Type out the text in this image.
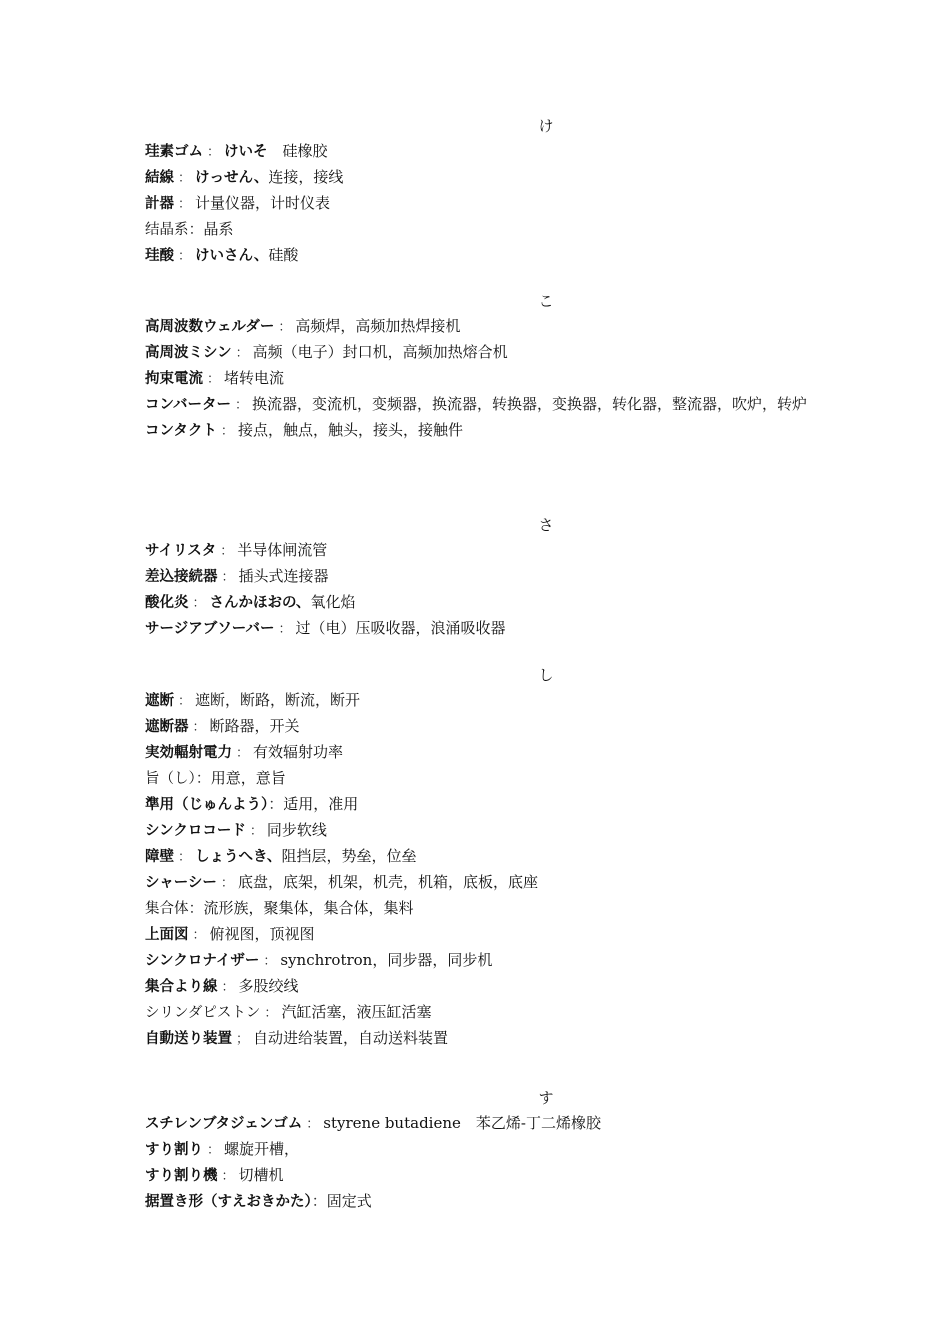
け
珪素ゴム ： けいそ　硅橡胶
結線 ： けっせん、连接，接线
計器 ： 计量仪器，计时仪表
结晶系：晶系
珪酸 ： けいさん、硅酸
こ
高周波数ウェルダー ： 高频焊，高频加热焊接机
高周波ミシン ： 高频（电子）封口机，高频加热熔合机
拘束電流 ： 堵转电流
コンバーター ： 换流器，变流机，变频器，换流器，转换器，变换器，转化器，整流器，吹炉，转炉
コンタクト ： 接点，触点，触头，接头，接触件
さ
サイリスタ ： 半导体闸流管
差込接続器 ： 插头式连接器
酸化炎 ： さんかほおの、氧化焰
サージアブソーバー ： 过（电）压吸收器，浪涌吸收器
し
遮断 ： 遮断，断路，断流，断开
遮断器 ： 断路器，开关
実効輻射電力 ： 有效辐射功率
旨（し）：用意，意旨
準用（じゅんよう）：适用，准用
シンクロコード ： 同步软线
障壁 ： しょうへき、阻挡层，势垒，位垒
シャーシー ： 底盘，底架，机架，机壳，机箱，底板，底座
集合体：流形族，聚集体，集合体，集料
上面図 ： 俯视图，顶视图
シンクロナイザー ： synchrotron，同步器，同步机
集合より線 ： 多股绞线
シリンダピストン ： 汽缸活塞，液压缸活塞
自動送り装置 ； 自动进给装置，自动送料装置
す
スチレンブタジェンゴム ： styrene butadiene　苯乙烯-丁二烯橡胶
すり割り ： 螺旋开槽，
すり割り機 ： 切槽机
据置き形（すえおきかた）：固定式
